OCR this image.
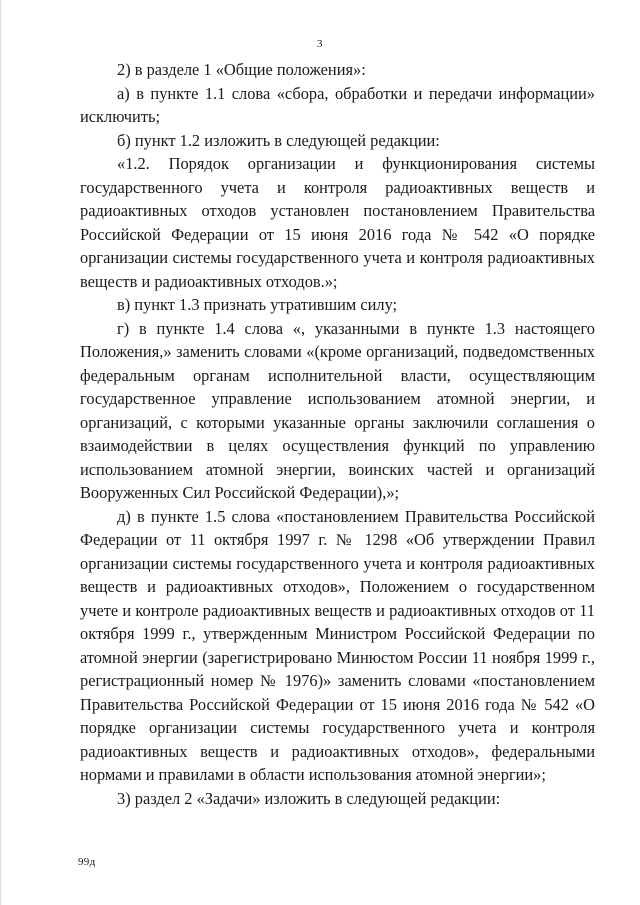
3

2) в разделе 1 «Общие положения»:

а) в пункте 1.1 слова «сбора, обработки и передачи информации» исключить;

б) пункт 1.2 изложить в следующей редакции:

«1.2. Порядок организации и функционирования системы государственного учета и контроля радиоактивных веществ и радиоактивных отходов установлен постановлением Правительства Российской Федерации от 15 июня 2016 года № 542 «О порядке организации системы государственного учета и контроля радиоактивных веществ и радиоактивных отходов.»;

в) пункт 1.3 признать утратившим силу;

г) в пункте 1.4 слова «, указанными в пункте 1.3 настоящего Положения,» заменить словами «(кроме организаций, подведомственных федеральным органам исполнительной власти, осуществляющим государственное управление использованием атомной энергии, и организаций, с которыми указанные органы заключили соглашения о взаимодействии в целях осуществления функций по управлению использованием атомной энергии, воинских частей и организаций Вооруженных Сил Российской Федерации),»;

д) в пункте 1.5 слова «постановлением Правительства Российской Федерации от 11 октября 1997 г. № 1298 «Об утверждении Правил организации системы государственного учета и контроля радиоактивных веществ и радиоактивных отходов», Положением о государственном учете и контроле радиоактивных веществ и радиоактивных отходов от 11 октября 1999 г., утвержденным Министром Российской Федерации по атомной энергии (зарегистрировано Минюстом России 11 ноября 1999 г., регистрационный номер № 1976)» заменить словами «постановлением Правительства Российской Федерации от 15 июня 2016 года № 542 «О порядке организации системы государственного учета и контроля радиоактивных веществ и радиоактивных отходов», федеральными нормами и правилами в области использования атомной энергии»;

3) раздел 2 «Задачи» изложить в следующей редакции:

99д
